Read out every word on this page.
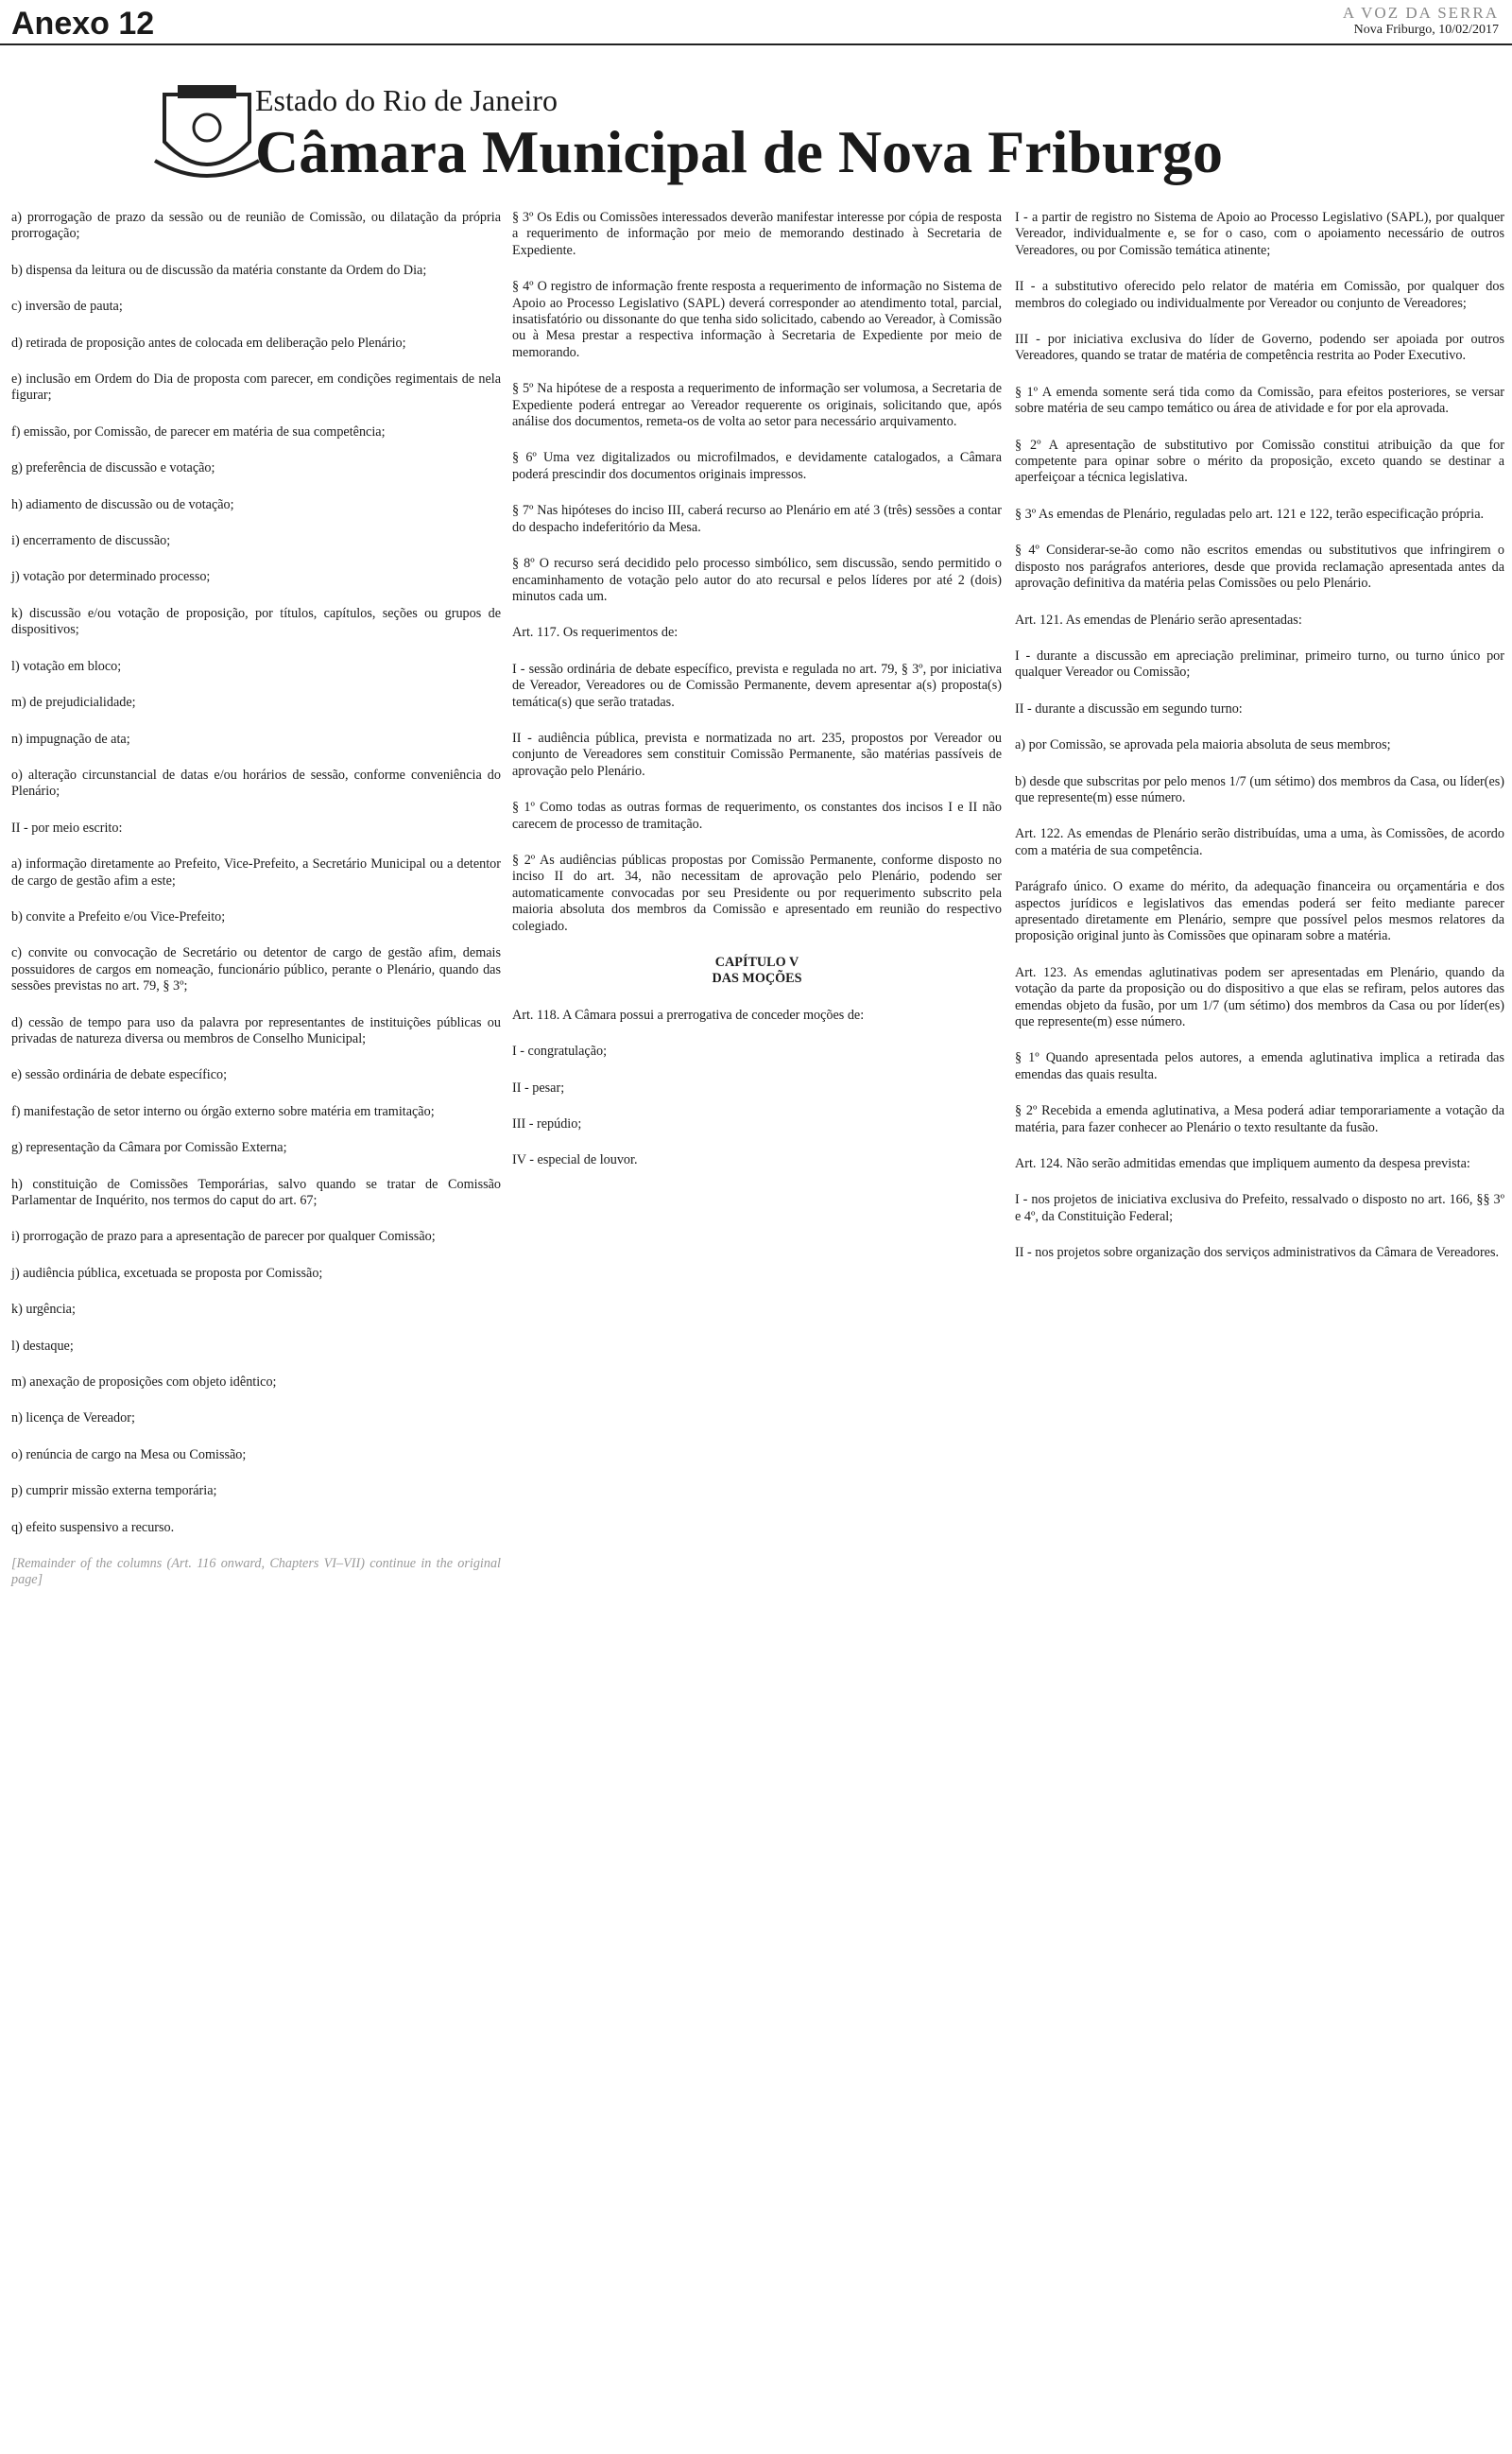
Anexo 12	A VOZ DA SERRA
Nova Friburgo, 10/02/2017
Estado do Rio de Janeiro
Câmara Municipal de Nova Friburgo

a) prorrogação de prazo da sessão ou de reunião de Comissão, ou dilatação da própria prorrogação;

b) dispensa da leitura ou de discussão da matéria constante da Ordem do Dia;

c) inversão de pauta;

d) retirada de proposição antes de colocada em deliberação pelo Plenário;

e) inclusão em Ordem do Dia de proposta com parecer, em condições regimentais de nela figurar;

f) emissão, por Comissão, de parecer em matéria de sua competência;

g) preferência de discussão e votação;

h) adiamento de discussão ou de votação;

i) encerramento de discussão;

j) votação por determinado processo;

k) discussão e/ou votação de proposição, por títulos, capítulos, seções ou grupos de dispositivos;

l) votação em bloco;

m) de prejudicialidade;

n) impugnação de ata;

o) alteração circunstancial de datas e/ou horários de sessão, conforme conveniência do Plenário;

II - por meio escrito:

a) informação diretamente ao Prefeito, Vice-Prefeito, a Secretário Municipal ou a detentor de cargo de gestão afim a este;

b) convite a Prefeito e/ou Vice-Prefeito;

c) convite ou convocação de Secretário ou detentor de cargo de gestão afim, demais possuidores de cargos em nomeação, funcionário público, perante o Plenário, quando das sessões previstas no art. 79, § 3º;

d) cessão de tempo para uso da palavra por representantes de instituições públicas ou privadas de natureza diversa ou membros de Conselho Municipal;

e) sessão ordinária de debate específico;

f) manifestação de setor interno ou órgão externo sobre matéria em tramitação;

g) representação da Câmara por Comissão Externa;

h) constituição de Comissões Temporárias, salvo quando se tratar de Comissão Parlamentar de Inquérito, nos termos do caput do art. 67;

i) prorrogação de prazo para a apresentação de parecer por qualquer Comissão;

j) audiência pública, excetuada se proposta por Comissão;

k) urgência;

l) destaque;

m) anexação de proposições com objeto idêntico;

n) licença de Vereador;

o) renúncia de cargo na Mesa ou Comissão;

p) cumprir missão externa temporária;

q) efeito suspensivo a recurso.

[Remainder of the columns (Art. 116 onward, Chapters VI–VII) continue in the original page]

§ 3º Os Edis ou Comissões interessados deverão manifestar interesse por cópia de resposta a requerimento de informação por meio de memorando destinado à Secretaria de Expediente.

§ 4º O registro de informação frente resposta a requerimento de informação no Sistema de Apoio ao Processo Legislativo (SAPL) deverá corresponder ao atendimento total, parcial, insatisfatório ou dissonante do que tenha sido solicitado, cabendo ao Vereador, à Comissão ou à Mesa prestar a respectiva informação à Secretaria de Expediente por meio de memorando.

§ 5º Na hipótese de a resposta a requerimento de informação ser volumosa, a Secretaria de Expediente poderá entregar ao Vereador requerente os originais, solicitando que, após análise dos documentos, remeta-os de volta ao setor para necessário arquivamento.

§ 6º Uma vez digitalizados ou microfilmados, e devidamente catalogados, a Câmara poderá prescindir dos documentos originais impressos.

§ 7º Nas hipóteses do inciso III, caberá recurso ao Plenário em até 3 (três) sessões a contar do despacho indeferitório da Mesa.

§ 8º O recurso será decidido pelo processo simbólico, sem discussão, sendo permitido o encaminhamento de votação pelo autor do ato recursal e pelos líderes por até 2 (dois) minutos cada um.

Art. 117. Os requerimentos de:

I - sessão ordinária de debate específico, prevista e regulada no art. 79, § 3º, por iniciativa de Vereador, Vereadores ou de Comissão Permanente, devem apresentar a(s) proposta(s) temática(s) que serão tratadas.

II - audiência pública, prevista e normatizada no art. 235, propostos por Vereador ou conjunto de Vereadores sem constituir Comissão Permanente, são matérias passíveis de aprovação pelo Plenário.

§ 1º Como todas as outras formas de requerimento, os constantes dos incisos I e II não carecem de processo de tramitação.

§ 2º As audiências públicas propostas por Comissão Permanente, conforme disposto no inciso II do art. 34, não necessitam de aprovação pelo Plenário, podendo ser automaticamente convocadas por seu Presidente ou por requerimento subscrito pela maioria absoluta dos membros da Comissão e apresentado em reunião do respectivo colegiado.

CAPÍTULO V
DAS MOÇÕES

Art. 118. A Câmara possui a prerrogativa de conceder moções de:

I - congratulação;

II - pesar;

III - repúdio;

IV - especial de louvor.

I - a partir de registro no Sistema de Apoio ao Processo Legislativo (SAPL), por qualquer Vereador, individualmente e, se for o caso, com o apoiamento necessário de outros Vereadores, ou por Comissão temática atinente;

II - a substitutivo oferecido pelo relator de matéria em Comissão, por qualquer dos membros do colegiado ou individualmente por Vereador ou conjunto de Vereadores;

III - por iniciativa exclusiva do líder de Governo, podendo ser apoiada por outros Vereadores, quando se tratar de matéria de competência restrita ao Poder Executivo.

§ 1º A emenda somente será tida como da Comissão, para efeitos posteriores, se versar sobre matéria de seu campo temático ou área de atividade e for por ela aprovada.

§ 2º A apresentação de substitutivo por Comissão constitui atribuição da que for competente para opinar sobre o mérito da proposição, exceto quando se destinar a aperfeiçoar a técnica legislativa.

§ 3º As emendas de Plenário, reguladas pelo art. 121 e 122, terão especificação própria.

§ 4º Considerar-se-ão como não escritos emendas ou substitutivos que infringirem o disposto nos parágrafos anteriores, desde que provida reclamação apresentada antes da aprovação definitiva da matéria pelas Comissões ou pelo Plenário.

Art. 121. As emendas de Plenário serão apresentadas:

I - durante a discussão em apreciação preliminar, primeiro turno, ou turno único por qualquer Vereador ou Comissão;

II - durante a discussão em segundo turno:

a) por Comissão, se aprovada pela maioria absoluta de seus membros;

b) desde que subscritas por pelo menos 1/7 (um sétimo) dos membros da Casa, ou líder(es) que represente(m) esse número.

Art. 122. As emendas de Plenário serão distribuídas, uma a uma, às Comissões, de acordo com a matéria de sua competência.

Parágrafo único. O exame do mérito, da adequação financeira ou orçamentária e dos aspectos jurídicos e legislativos das emendas poderá ser feito mediante parecer apresentado diretamente em Plenário, sempre que possível pelos mesmos relatores da proposição original junto às Comissões que opinaram sobre a matéria.

Art. 123. As emendas aglutinativas podem ser apresentadas em Plenário, quando da votação da parte da proposição ou do dispositivo a que elas se refiram, pelos autores das emendas objeto da fusão, por um 1/7 (um sétimo) dos membros da Casa ou por líder(es) que represente(m) esse número.

§ 1º Quando apresentada pelos autores, a emenda aglutinativa implica a retirada das emendas das quais resulta.

§ 2º Recebida a emenda aglutinativa, a Mesa poderá adiar temporariamente a votação da matéria, para fazer conhecer ao Plenário o texto resultante da fusão.

Art. 124. Não serão admitidas emendas que impliquem aumento da despesa prevista:

I - nos projetos de iniciativa exclusiva do Prefeito, ressalvado o disposto no art. 166, §§ 3º e 4º, da Constituição Federal;

II - nos projetos sobre organização dos serviços administrativos da Câmara de Vereadores.
